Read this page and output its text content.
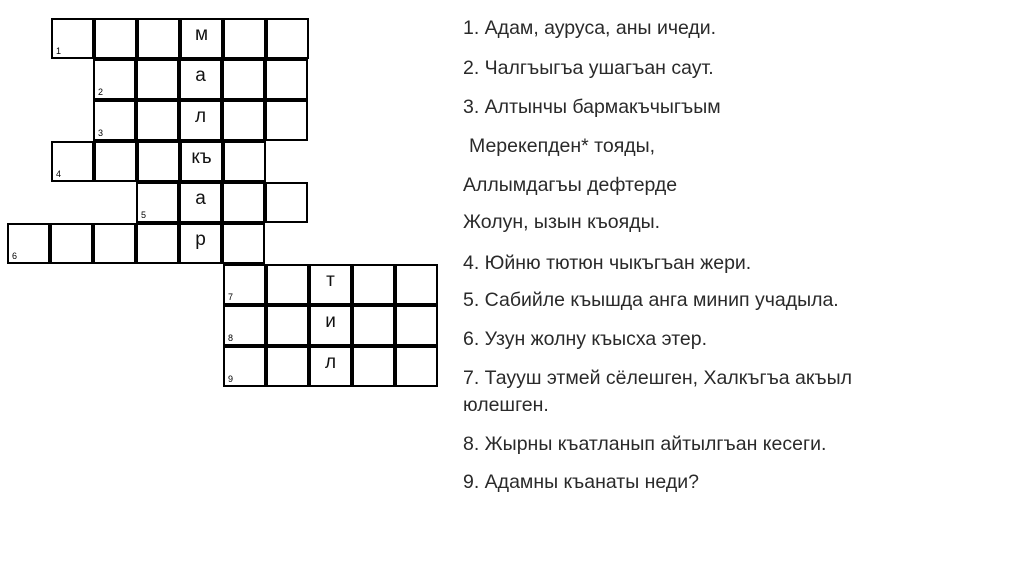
1
м
2
а
3
л
4
къ
5
а
6
р
7
т
8
и
9
л
1. Адам, ауруса, аны ичеди.
2. Чалгъыгъа ушагъан саут.
3. Алтынчы бармакъчыгъым
Мерекепден* тояды,
Аллымдагъы дефтерде
Жолун, ызын къояды.
4. Юйню тютюн чыкъгъан жери.
5. Сабийле къышда анга минип учадыла.
6. Узун жолну къысха этер.
7. Таууш этмей сёлешген, Халкъгъа акъыл
юлешген.
8. Жырны къатланып айтылгъан кесеги.
9. Адамны къанаты неди?
